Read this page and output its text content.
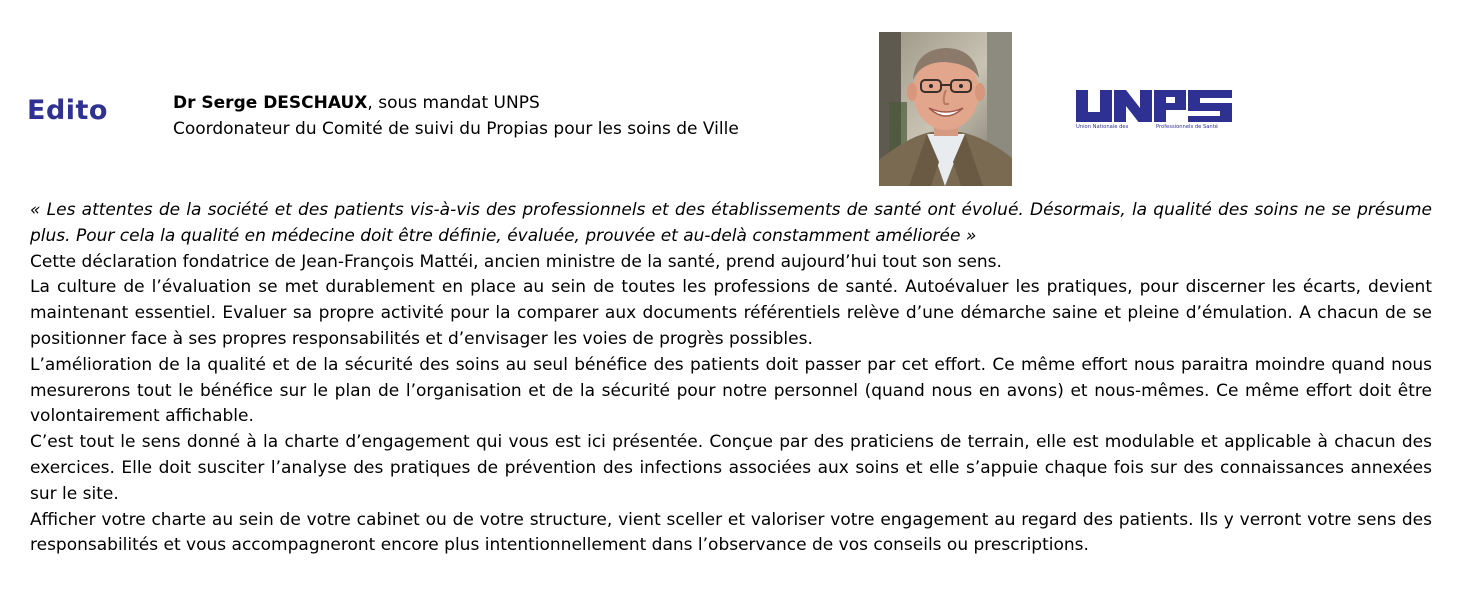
Edito	Dr Serge DESCHAUX, sous mandat UNPS
Coordonateur du Comité de suivi du Propias pour les soins de Ville	Union Nationale des	Professionnels de Santé

« Les attentes de la société et des patients vis-à-vis des professionnels et des établissements de santé ont évolué. Désormais, la qualité des soins ne se présume plus. Pour cela la qualité en médecine doit être définie, évaluée, prouvée et au-delà constamment améliorée »

Cette déclaration fondatrice de Jean-François Mattéi, ancien ministre de la santé, prend aujourd’hui tout son sens.

La culture de l’évaluation se met durablement en place au sein de toutes les professions de santé. Autoévaluer les pratiques, pour discerner les écarts, devient maintenant essentiel. Evaluer sa propre activité pour la comparer aux documents référentiels relève d’une démarche saine et pleine d’émulation. A chacun de se positionner face à ses propres responsabilités et d’envisager les voies de progrès possibles.

L’amélioration de la qualité et de la sécurité des soins au seul bénéfice des patients doit passer par cet effort. Ce même effort nous paraitra moindre quand nous mesurerons tout le bénéfice sur le plan de l’organisation et de la sécurité pour notre personnel (quand nous en avons) et nous-mêmes. Ce même effort doit être volontairement affichable.

C’est tout le sens donné à la charte d’engagement qui vous est ici présentée. Conçue par des praticiens de terrain, elle est modulable et applicable à chacun des exercices. Elle doit susciter l’analyse des pratiques de prévention des infections associées aux soins et elle s’appuie chaque fois sur des connaissances annexées sur le site.

Afficher votre charte au sein de votre cabinet ou de votre structure, vient sceller et valoriser votre engagement au regard des patients. Ils y verront votre sens des responsabilités et vous accompagneront encore plus intentionnellement dans l’observance de vos conseils ou prescriptions.
